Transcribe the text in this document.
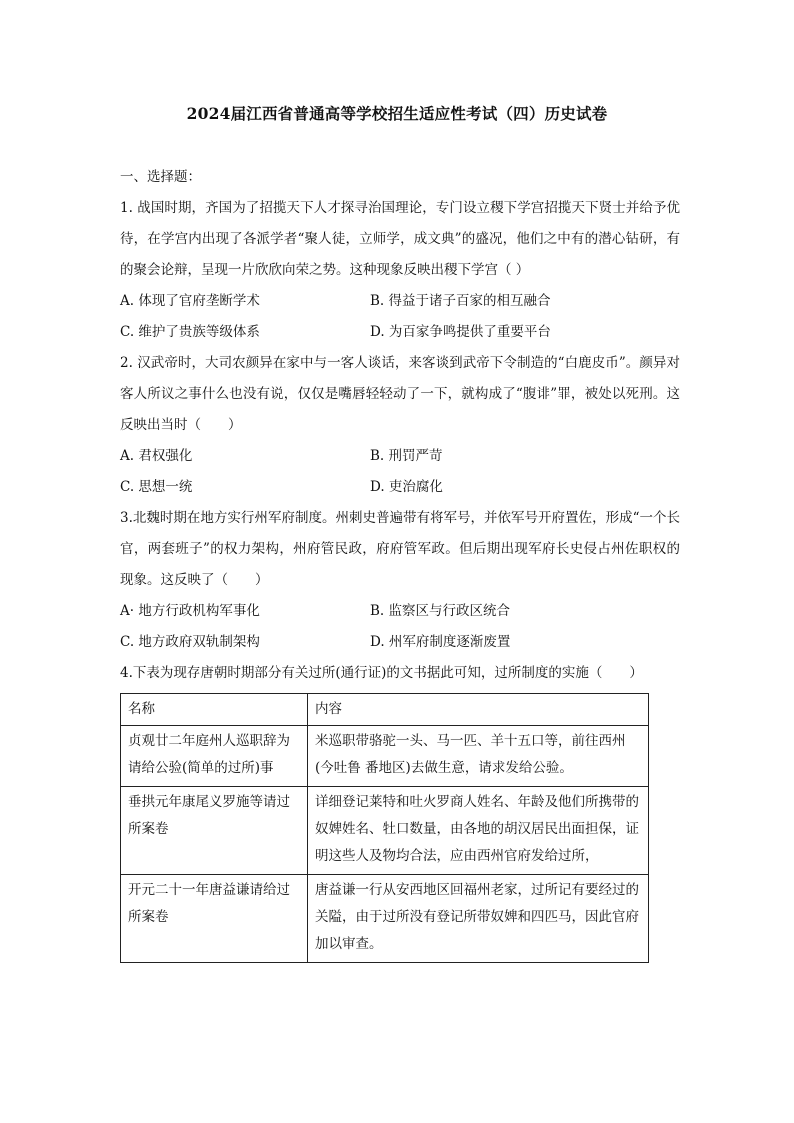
2024届江西省普通高等学校招生适应性考试（四）历史试卷

一、选择题：

1. 战国时期，齐国为了招揽天下人才探寻治国理论，专门设立稷下学宫招揽天下贤士并给予优待，在学宫内出现了各派学者“聚人徒，立师学，成文典”的盛况，他们之中有的潜心钻研，有的聚会论辩，呈现一片欣欣向荣之势。这种现象反映出稷下学宫（ ）

A. 体现了官府垄断学术	B. 得益于诸子百家的相互融合
C. 维护了贵族等级体系	D. 为百家争鸣提供了重要平台

2. 汉武帝时，大司农颜异在家中与一客人谈话，来客谈到武帝下令制造的“白鹿皮币”。颜异对客人所议之事什么也没有说，仅仅是嘴唇轻轻动了一下，就构成了“腹诽”罪，被处以死刑。这反映出当时（　　）

A. 君权强化	B. 刑罚严苛
C. 思想一统	D. 吏治腐化

3.北魏时期在地方实行州军府制度。州刺史普遍带有将军号，并依军号开府置佐，形成“一个长官，两套班子”的权力架构，州府管民政，府府管军政。但后期出现军府长史侵占州佐职权的现象。这反映了（　　）

A· 地方行政机构军事化	B. 监察区与行政区统合
C. 地方政府双轨制架构	D. 州军府制度逐渐废置

4.下表为现存唐朝时期部分有关过所(通行证)的文书据此可知，过所制度的实施（　　）

名称	内容
贞观廿二年庭州人巡职辞为请给公验(简单的过所)事	米巡职带骆驼一头、马一匹、羊十五口等，前往西州(今吐鲁 番地区)去做生意，请求发给公验。
垂拱元年康尾义罗施等请过所案卷	详细登记莱特和吐火罗商人姓名、年龄及他们所携带的奴婢姓名、牡口数量，由各地的胡汉居民出面担保，证明这些人及物均合法，应由西州官府发给过所，
开元二十一年唐益谦请给过所案卷	唐益谦一行从安西地区回福州老家，过所记有要经过的关隘，由于过所没有登记所带奴婢和四匹马，因此官府加以审查。
